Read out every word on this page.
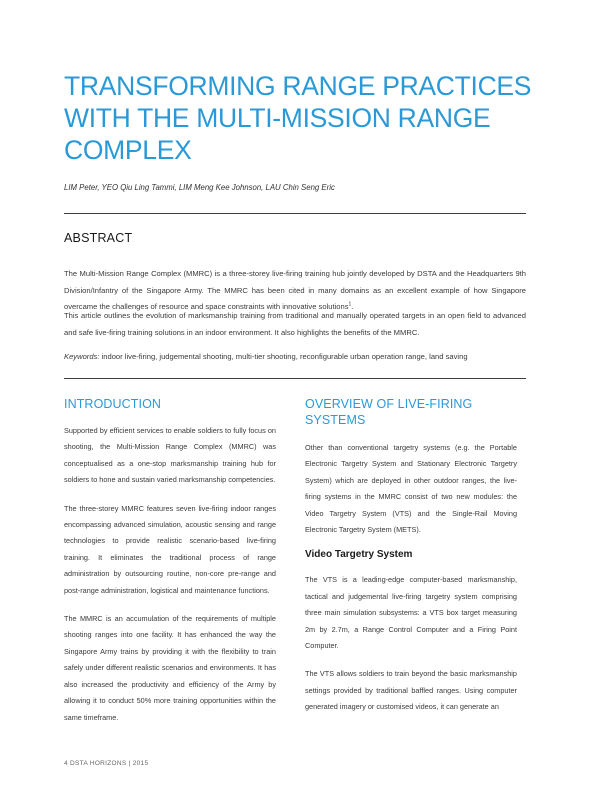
TRANSFORMING RANGE PRACTICES WITH THE MULTI-MISSION RANGE COMPLEX
LIM Peter, YEO Qiu Ling Tammi, LIM Meng Kee Johnson, LAU Chin Seng Eric
ABSTRACT

The Multi-Mission Range Complex (MMRC) is a three-storey live-firing training hub jointly developed by DSTA and the Headquarters 9th Division/Infantry of the Singapore Army. The MMRC has been cited in many domains as an excellent example of how Singapore overcame the challenges of resource and space constraints with innovative solutions$^1$.

This article outlines the evolution of marksmanship training from traditional and manually operated targets in an open field to advanced and safe live-firing training solutions in an indoor environment. It also highlights the benefits of the MMRC.

Keywords: indoor live-firing, judgemental shooting, multi-tier shooting, reconfigurable urban operation range, land saving

INTRODUCTION

Supported by efficient services to enable soldiers to fully focus on shooting, the Multi-Mission Range Complex (MMRC) was conceptualised as a one-stop marksmanship training hub for soldiers to hone and sustain varied marksmanship competencies.

The three-storey MMRC features seven live-firing indoor ranges encompassing advanced simulation, acoustic sensing and range technologies to provide realistic scenario-based live-firing training. It eliminates the traditional process of range administration by outsourcing routine, non-core pre-range and post-range administration, logistical and maintenance functions.

The MMRC is an accumulation of the requirements of multiple shooting ranges into one facility. It has enhanced the way the Singapore Army trains by providing it with the flexibility to train safely under different realistic scenarios and environments. It has also increased the productivity and efficiency of the Army by allowing it to conduct 50% more training opportunities within the same timeframe.

OVERVIEW OF LIVE-FIRING SYSTEMS

Other than conventional targetry systems (e.g. the Portable Electronic Targetry System and Stationary Electronic Targetry System) which are deployed in other outdoor ranges, the live-firing systems in the MMRC consist of two new modules: the Video Targetry System (VTS) and the Single-Rail Moving Electronic Targetry System (METS).

Video Targetry System

The VTS is a leading-edge computer-based marksmanship, tactical and judgemental live-firing targetry system comprising three main simulation subsystems: a VTS box target measuring 2m by 2.7m, a Range Control Computer and a Firing Point Computer.

The VTS allows soldiers to train beyond the basic marksmanship settings provided by traditional baffled ranges. Using computer generated imagery or customised videos, it can generate an

4 DSTA HORIZONS | 2015
